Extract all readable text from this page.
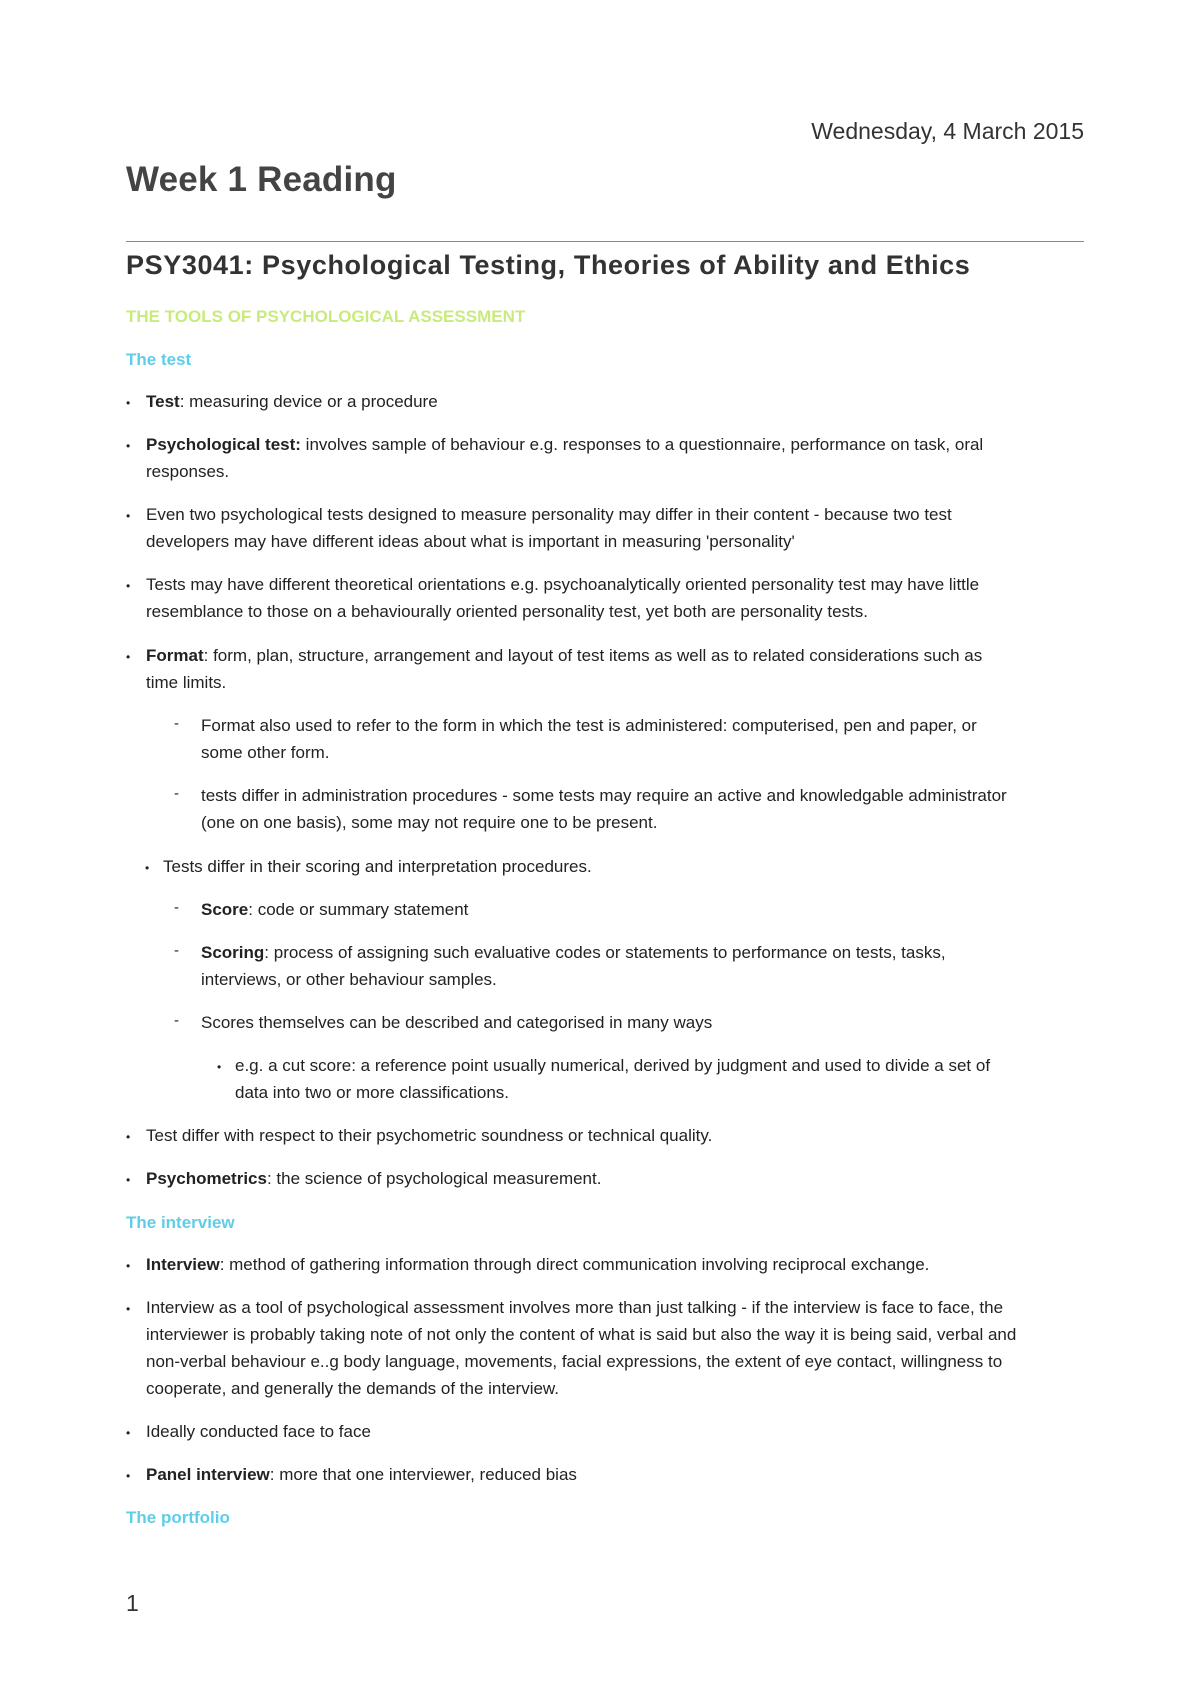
Wednesday, 4 March 2015
Week 1 Reading
PSY3041: Psychological Testing, Theories of Ability and Ethics
THE TOOLS OF PSYCHOLOGICAL ASSESSMENT
The test
• Test: measuring device or a procedure
• Psychological test: involves sample of behaviour e.g. responses to a questionnaire, performance on task, oral
responses.
• Even two psychological tests designed to measure personality may differ in their content - because two test
developers may have different ideas about what is important in measuring 'personality'
• Tests may have different theoretical orientations e.g. psychoanalytically oriented personality test may have little
resemblance to those on a behaviourally oriented personality test, yet both are personality tests.
• Format: form, plan, structure, arrangement and layout of test items as well as to related considerations such as
time limits.
- Format also used to refer to the form in which the test is administered: computerised, pen and paper, or
some other form.
- tests differ in administration procedures - some tests may require an active and knowledgable administrator
(one on one basis), some may not require one to be present.
• Tests differ in their scoring and interpretation procedures.
- Score: code or summary statement
- Scoring: process of assigning such evaluative codes or statements to performance on tests, tasks,
interviews, or other behaviour samples.
- Scores themselves can be described and categorised in many ways
• e.g. a cut score: a reference point usually numerical, derived by judgment and used to divide a set of
data into two or more classifications.
• Test differ with respect to their psychometric soundness or technical quality.
• Psychometrics: the science of psychological measurement.
The interview
• Interview: method of gathering information through direct communication involving reciprocal exchange.
• Interview as a tool of psychological assessment involves more than just talking - if the interview is face to face, the
interviewer is probably taking note of not only the content of what is said but also the way it is being said, verbal and
non-verbal behaviour e..g body language, movements, facial expressions, the extent of eye contact, willingness to
cooperate, and generally the demands of the interview.
• Ideally conducted face to face
• Panel interview: more that one interviewer, reduced bias
The portfolio
1
